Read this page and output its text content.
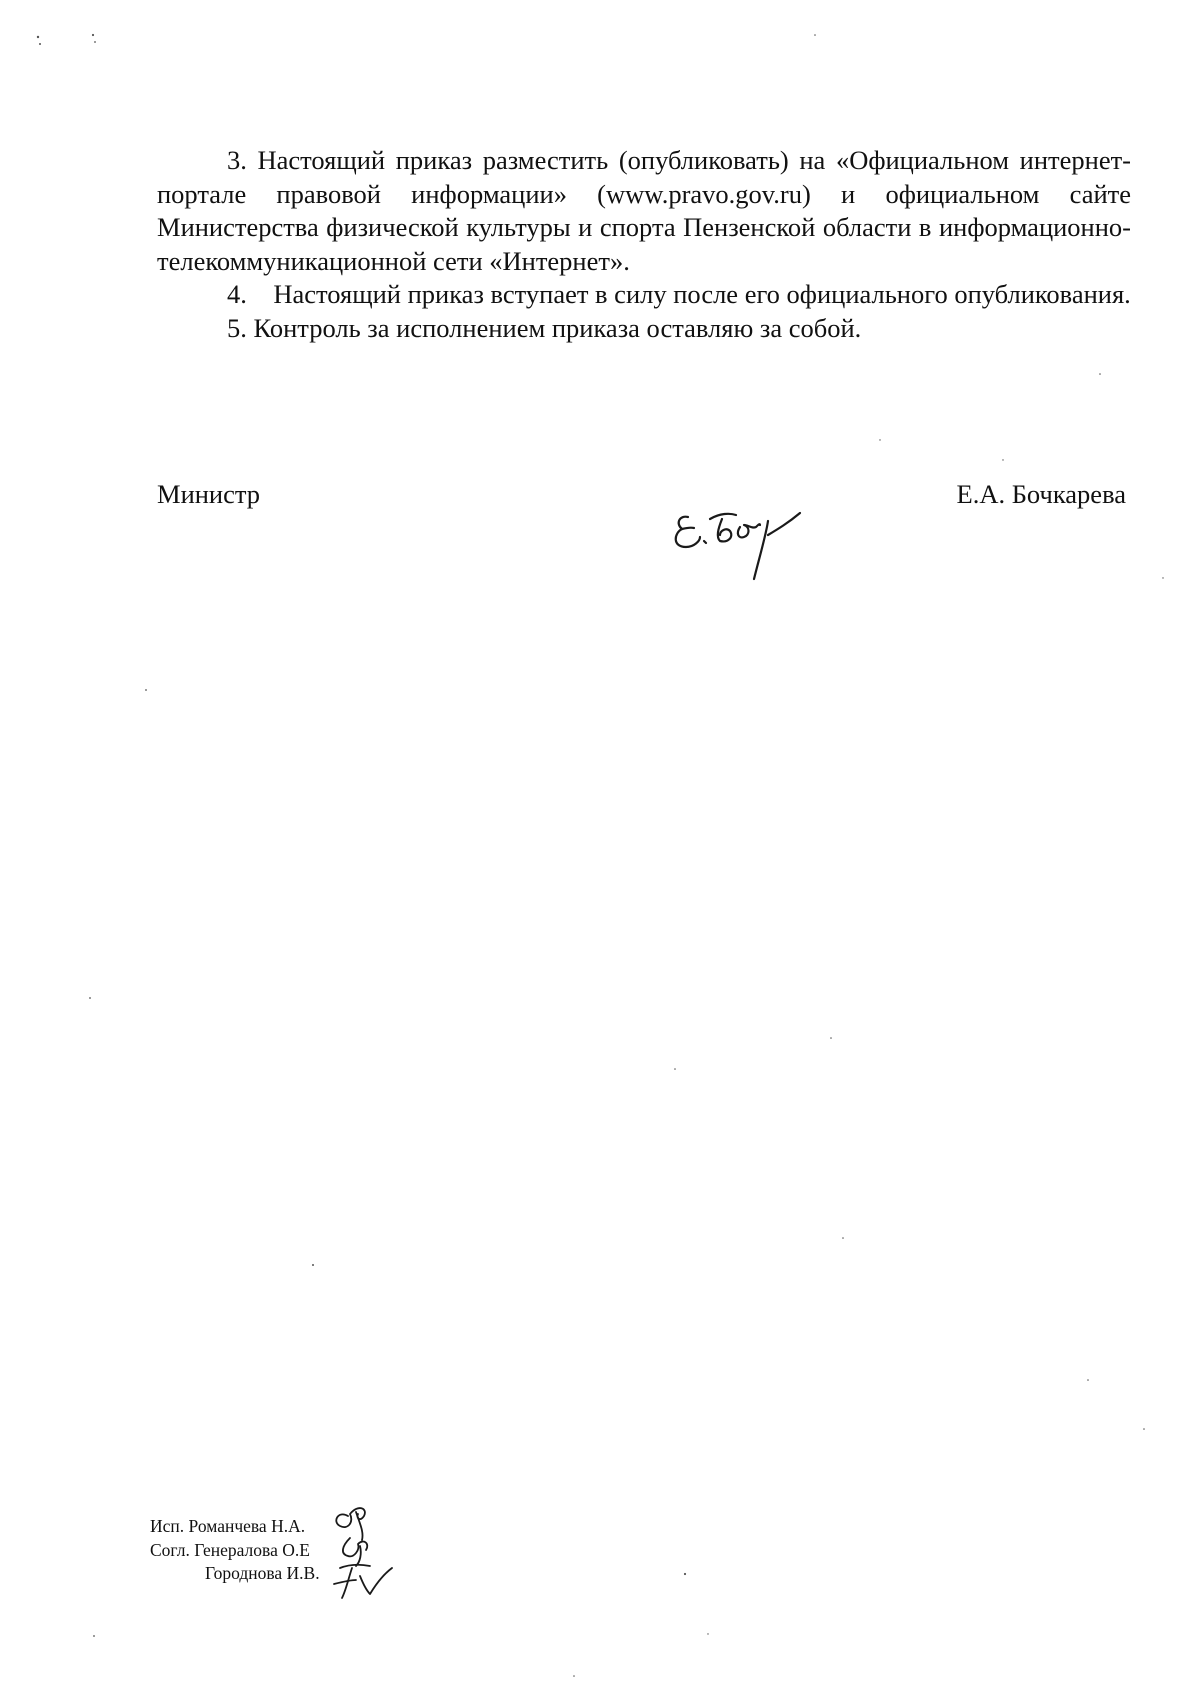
3. Настоящий приказ разместить (опубликовать) на «Официальном интернет-портале правовой информации» (www.pravo.gov.ru) и официальном сайте Министерства физической культуры и спорта Пензенской области в информационно-телекоммуникационной сети «Интернет».

4.    Настоящий приказ вступает в силу после его официального опубликования.

5. Контроль за исполнением приказа оставляю за собой.

Министр	Е.А. Бочкарева
Исп. Романчева Н.А.
Согл. Генералова О.Е
Городнова И.В.
